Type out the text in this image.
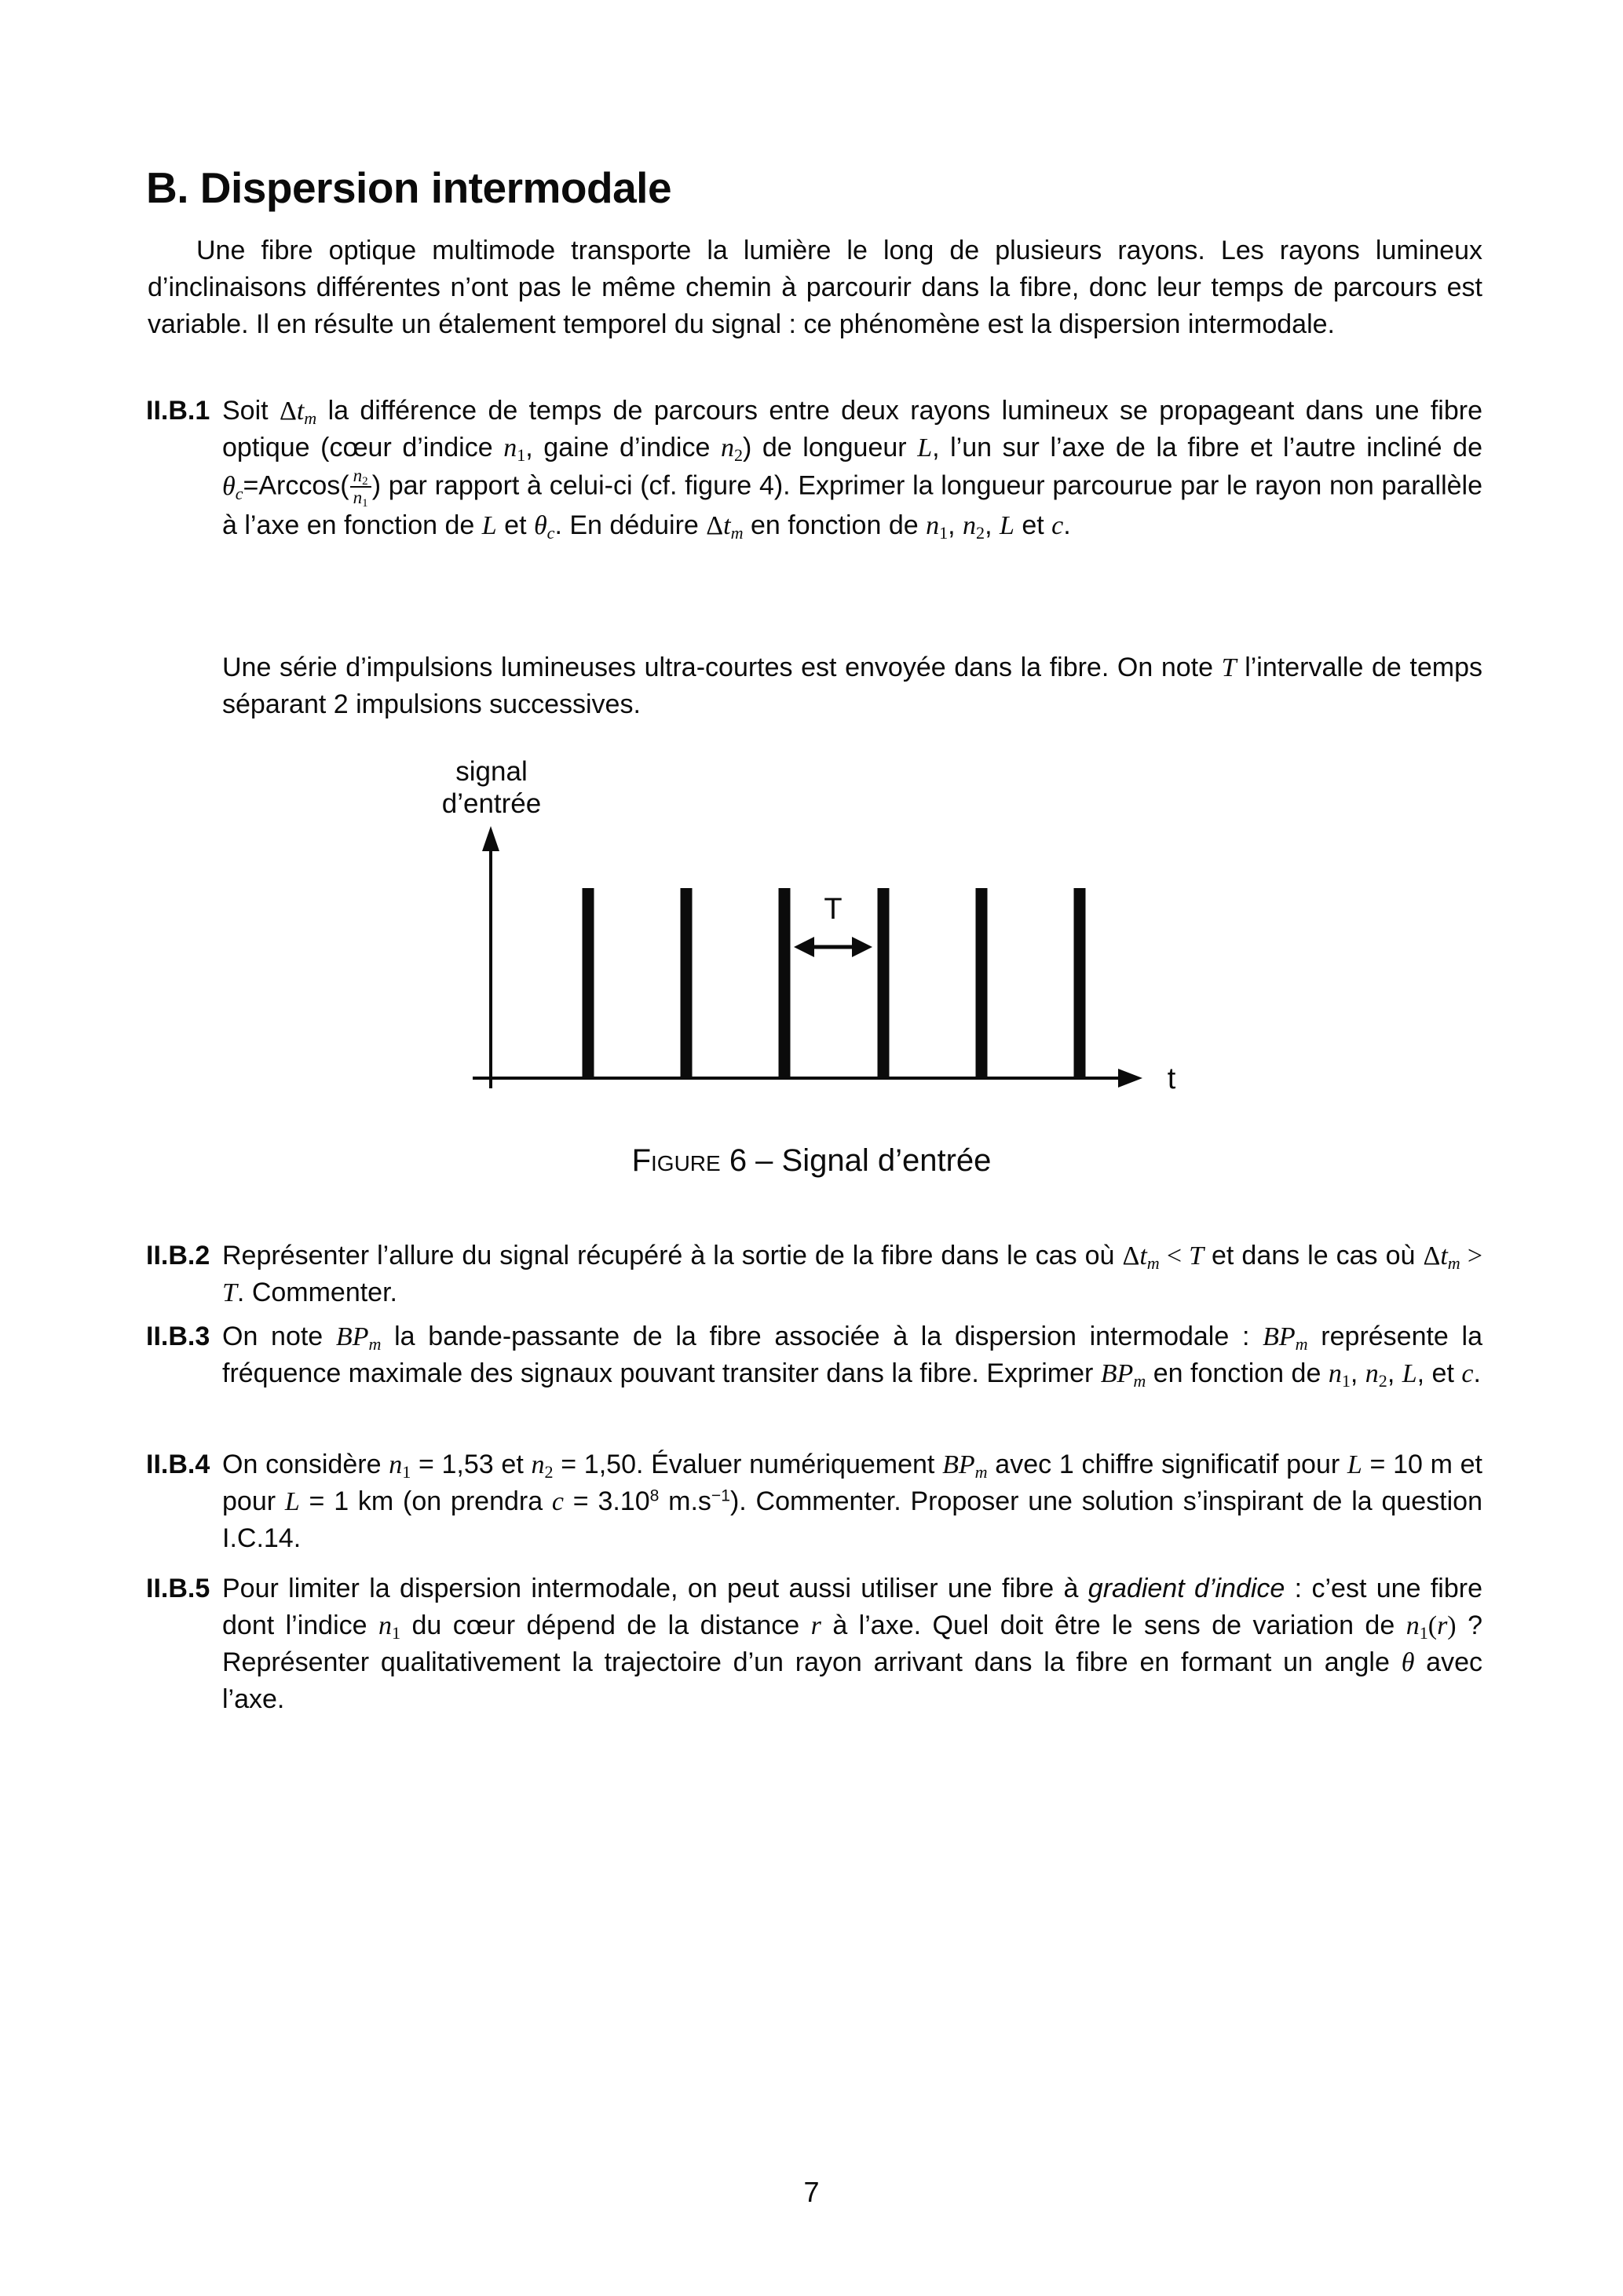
B. Dispersion intermodale
Une fibre optique multimode transporte la lumière le long de plusieurs rayons. Les rayons lumineux d’inclinaisons différentes n’ont pas le même chemin à parcourir dans la fibre, donc leur temps de parcours est variable. Il en résulte un étalement temporel du signal : ce phénomène est la dispersion intermodale.
II.B.1 Soit $\Delta t_m$ la différence de temps de parcours entre deux rayons lumineux se propageant dans une fibre optique (cœur d’indice $n_1$, gaine d’indice $n_2$) de longueur L, l’un sur l’axe de la fibre et l’autre incliné de $\theta_c=Arccos( \frac{n_2}{n_1}$ ) par rapport à celui-ci (cf. figure 4). Exprimer la longueur parcourue par le rayon non parallèle à l’axe en fonction de L et $\theta_c$. En déduire $\Delta t_m$ en fonction de $n_1$, $n_2$, L et c.
Une série d’impulsions lumineuses ultra-courtes est envoyée dans la fibre. On note T l’intervalle de temps séparant 2 impulsions successives.
signal
d’entrée
T
t
Figure 6 – Signal d’entrée
II.B.2 Représenter l’allure du signal récupéré à la sortie de la fibre dans le cas où $\Delta t_m < T$ et dans le cas où $\Delta t_m > T$. Commenter.
II.B.3 On note $BP_m$ la bande-passante de la fibre associée à la dispersion intermodale : $BP_m$ représente la fréquence maximale des signaux pouvant transiter dans la fibre. Exprimer $BP_m$ en fonction de $n_1$, $n_2$, L, et c.
II.B.4 On considère $n_1 = 1,53$ et $n_2 = 1,50$. Évaluer numériquement $BP_m$ avec 1 chiffre significatif pour L = 10 m et pour L = 1 km (on prendra $c = 3.10^8$ $m.s^{-1}$). Commenter. Proposer une solution s’inspirant de la question I.C.14.
II.B.5 Pour limiter la dispersion intermodale, on peut aussi utiliser une fibre à gradient d’indice : c’est une fibre dont l’indice $n_1$ du cœur dépend de la distance r à l’axe. Quel doit être le sens de variation de $n_1(r)$ ? Représenter qualitativement la trajectoire d’un rayon arrivant dans la fibre en formant un angle θ avec l’axe.
7
